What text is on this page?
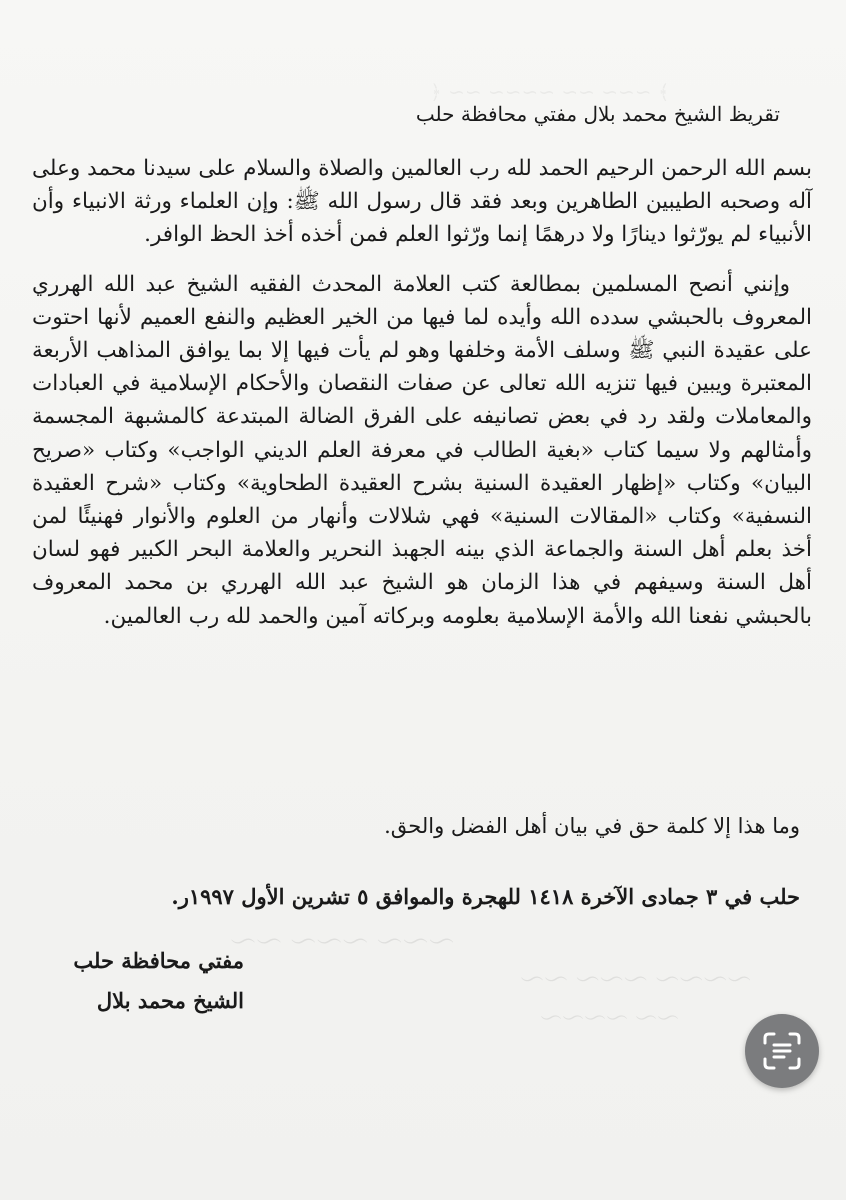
﴿ ~~~ ~~ ~~~~ ~~ ﴾
～～～ ～～～ ～～
～～～～ ～～～ ～～
～～ ～～～～
تقريظ الشيخ محمد بلال مفتي محافظة حلب

بسم الله الرحمن الرحيم الحمد لله رب العالمين والصلاة والسلام على سيدنا محمد وعلى آله وصحبه الطيبين الطاهرين وبعد فقد قال رسول الله ﷺ: وإن العلماء ورثة الانبياء وأن الأنبياء لم يورّثوا دينارًا ولا درهمًا إنما ورّثوا العلم فمن أخذه أخذ الحظ الوافر.

وإنني أنصح المسلمين بمطالعة كتب العلامة المحدث الفقيه الشيخ عبد الله الهرري المعروف بالحبشي سدده الله وأيده لما فيها من الخير العظيم والنفع العميم لأنها احتوت على عقيدة النبي ﷺ وسلف الأمة وخلفها وهو لم يأت فيها إلا بما يوافق المذاهب الأربعة المعتبرة ويبين فيها تنزيه الله تعالى عن صفات النقصان والأحكام الإسلامية في العبادات والمعاملات ولقد رد في بعض تصانيفه على الفرق الضالة المبتدعة كالمشبهة المجسمة وأمثالهم ولا سيما كتاب «بغية الطالب في معرفة العلم الديني الواجب» وكتاب «صريح البيان» وكتاب «إظهار العقيدة السنية بشرح العقيدة الطحاوية» وكتاب «شرح العقيدة النسفية» وكتاب «المقالات السنية» فهي شلالات وأنهار من العلوم والأنوار فهنيئًا لمن أخذ بعلم أهل السنة والجماعة الذي بينه الجهبذ النحرير والعلامة البحر الكبير فهو لسان أهل السنة وسيفهم في هذا الزمان هو الشيخ عبد الله الهرري بن محمد المعروف بالحبشي نفعنا الله والأمة الإسلامية بعلومه وبركاته آمين والحمد لله رب العالمين.

وما هذا إلا كلمة حق في بيان أهل الفضل والحق.
حلب في ٣ جمادى الآخرة ١٤١٨ للهجرة والموافق ٥ تشرين الأول ١٩٩٧ر.
مفتي محافظة حلب
الشيخ محمد بلال
